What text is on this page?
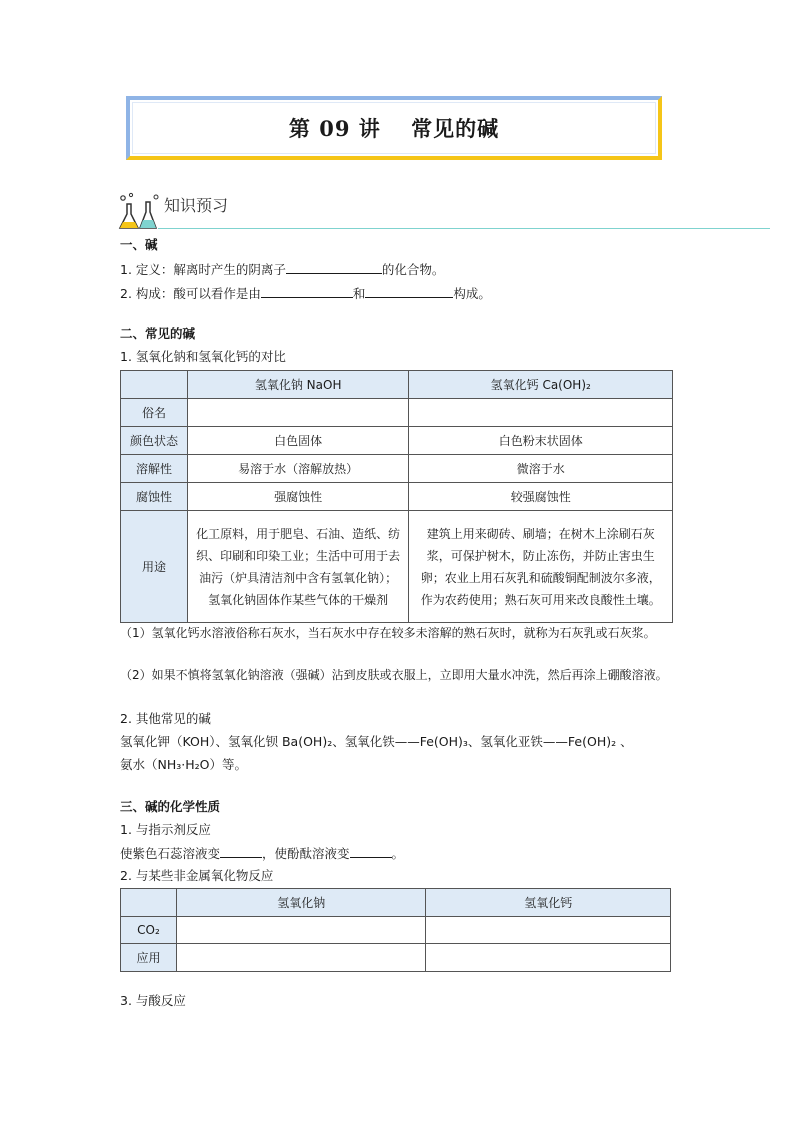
第 09 讲　 常见的碱
知识预习
一、碱
1. 定义：解离时产生的阴离子	的化合物。
2. 构成：酸可以看作是由	和	构成。
二、常见的碱
1. 氢氧化钠和氢氧化钙的对比
	氢氧化钠 NaOH	氢氧化钙 Ca(OH)₂
俗名		
颜色状态	白色固体	白色粉末状固体
溶解性	易溶于水（溶解放热）	微溶于水
腐蚀性	强腐蚀性	较强腐蚀性
用途	化工原料，用于肥皂、石油、造纸、纺织、印刷和印染工业；生活中可用于去油污（炉具清洁剂中含有氢氧化钠）；氢氧化钠固体作某些气体的干燥剂	建筑上用来砌砖、刷墙；在树木上涂刷石灰浆，可保护树木，防止冻伤，并防止害虫生卵；农业上用石灰乳和硫酸铜配制波尔多液，作为农药使用；熟石灰可用来改良酸性土壤。
（1）氢氧化钙水溶液俗称石灰水，当石灰水中存在较多未溶解的熟石灰时，就称为石灰乳或石灰浆。
（2）如果不慎将氢氧化钠溶液（强碱）沾到皮肤或衣服上，立即用大量水冲洗，然后再涂上硼酸溶液。
2. 其他常见的碱
氢氧化钾（KOH）、氢氧化钡 Ba(OH)₂、氢氧化铁——Fe(OH)₃、氢氧化亚铁——Fe(OH)₂ 、
氨水（NH₃·H₂O）等。
三、碱的化学性质
1. 与指示剂反应
使紫色石蕊溶液变	，使酚酞溶液变	。
2. 与某些非金属氧化物反应
	氢氧化钠	氢氧化钙
CO₂		
应用		
3. 与酸反应
